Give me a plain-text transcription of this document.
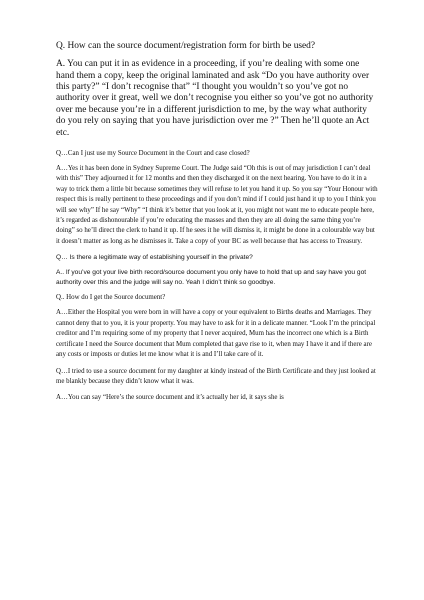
Q. How can the source document/registration form for birth be used?

A. You can put it in as evidence in a proceeding, if you’re dealing with some one hand them a copy, keep the original laminated and ask “Do you have authority over this party?” “I don’t recognise that” “I thought you wouldn’t so you’ve got no authority over it great, well we don’t recognise you either so you’ve got no authority over me because you’re in a different jurisdiction to me, by the way what authority do you rely on saying that you have jurisdiction over me ?” Then he’ll quote an Act etc.

Q…Can I just use my Source Document in the Court and case closed?

A…Yes it has been done in Sydney Supreme Court. The Judge said “Oh this is out of may jurisdiction I can’t deal with this” They adjourned it for 12 months and then they discharged it on the next hearing. You have to do it in a way to trick them a little bit because sometimes they will refuse to let you hand it up. So you say “Your Honour with respect this is really pertinent to these proceedings and if you don’t mind if I could just hand it up to you I think you will see why” If he say “Why” “I think it’s better that you look at it, you might not want me to educate people here, it’s regarded as dishonourable if you’re educating the masses and then they are all doing the same thing you’re doing” so he’ll direct the clerk to hand it up. If he sees it he will dismiss it, it might be done in a colourable way but it doesn’t matter as long as he dismisses it. Take a copy of your BC as well because that has access to Treasury.

Q… Is there a legitimate way of establishing yourself in the private?

A.. If you’ve got your live birth record/source document you only have to hold that up and say have you got authority over this and the judge will say no. Yeah I didn’t think so goodbye.

Q.. How do I get the Source document?

A…Either the Hospital you were born in will have a copy or your equivalent to Births deaths and Marriages. They cannot deny that to you, it is your property. You may have to ask for it in a delicate manner. “Look I’m the principal creditor and I’m requiring some of my property that I never acquired, Mum has the incorrect one which is a Birth certificate I need the Source document that Mum completed that gave rise to it, when may I have it and if there are any costs or imposts or duties let me know what it is and I’ll take care of it.

Q…I tried to use a source document for my daughter at kindy instead of the Birth Certificate and they just looked at me blankly because they didn’t know what it was.

A…You can say “Here’s the source document and it’s actually her id, it says she is
